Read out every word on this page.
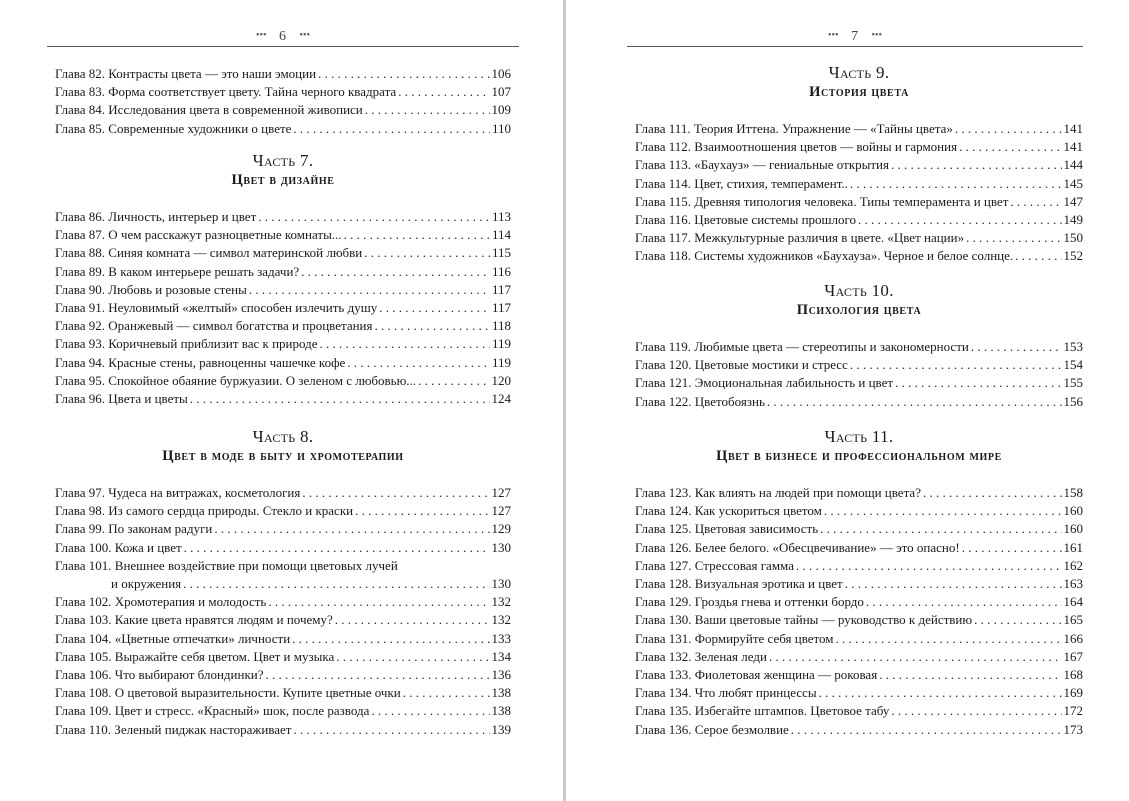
••• 6 •••
Глава 82. Контрасты цвета — это наши эмоции . . .	106
Глава 83. Форма соответствует цвету. Тайна черного квадрата . . .	107
Глава 84. Исследования цвета в современной живописи . . .	109
Глава 85. Современные художники о цвете . . .	110
Часть 7.
Цвет в дизайне
Глава 86. Личность, интерьер и цвет . . .	113
Глава 87. О чем расскажут разноцветные комнаты... . . .	114
Глава 88. Синяя комната — символ материнской любви . . .	115
Глава 89. В каком интерьере решать задачи? . . .	116
Глава 90. Любовь и розовые стены . . .	117
Глава 91. Неуловимый «желтый» способен излечить душу . . .	117
Глава 92. Оранжевый — символ богатства и процветания . . .	118
Глава 93. Коричневый приблизит вас к природе . . .	119
Глава 94. Красные стены, равноценны чашечке кофе . . .	119
Глава 95. Спокойное обаяние буржуазии. О зеленом с любовью... . . .	120
Глава 96. Цвета и цветы . . .	124
Часть 8.
Цвет в моде в быту и хромотерапии
Глава 97. Чудеса на витражах, косметология . . .	127
Глава 98. Из самого сердца природы. Стекло и краски . . .	127
Глава 99. По законам радуги . . .	129
Глава 100. Кожа и цвет . . .	130
Глава 101. Внешнее воздействие при помощи цветовых лучей
и окружения . . .	130
Глава 102. Хромотерапия и молодость . . .	132
Глава 103. Какие цвета нравятся людям и почему? . . .	132
Глава 104. «Цветные отпечатки» личности . . .	133
Глава 105. Выражайте себя цветом. Цвет и музыка . . .	134
Глава 106. Что выбирают блондинки? . . .	136
Глава 108. О цветовой выразительности. Купите цветные очки . . .	138
Глава 109. Цвет и стресс. «Красный» шок, после развода . . .	138
Глава 110. Зеленый пиджак настораживает . . .	139
••• 7 •••
Часть 9.
История цвета
Глава 111. Теория Иттена. Упражнение — «Тайны цвета» . . .	141
Глава 112. Взаимоотношения цветов — войны и гармония . . .	141
Глава 113. «Баухауз» — гениальные открытия . . .	144
Глава 114. Цвет, стихия, темперамент.. . . .	145
Глава 115. Древняя типология человека. Типы темперамента и цвет . . .	147
Глава 116. Цветовые системы прошлого . . .	149
Глава 117. Межкультурные различия в цвете. «Цвет нации» . . .	150
Глава 118. Системы художников «Баухауза». Черное и белое солнце. . . .	152
Часть 10.
Психология цвета
Глава 119. Любимые цвета — стереотипы и закономерности . . .	153
Глава 120. Цветовые мостики и стресс . . .	154
Глава 121. Эмоциональная лабильность и цвет . . .	155
Глава 122. Цветобоязнь . . .	156
Часть 11.
Цвет в бизнесе и профессиональном мире
Глава 123. Как влиять на людей при помощи цвета? . . .	158
Глава 124. Как ускориться цветом . . .	160
Глава 125. Цветовая зависимость . . .	160
Глава 126. Белее белого. «Обесцвечивание» — это опасно! . . .	161
Глава 127. Стрессовая гамма . . .	162
Глава 128. Визуальная эротика и цвет . . .	163
Глава 129. Гроздья гнева и оттенки бордо . . .	164
Глава 130. Ваши цветовые тайны — руководство к действию . . .	165
Глава 131. Формируйте себя цветом . . .	166
Глава 132. Зеленая леди . . .	167
Глава 133. Фиолетовая женщина — роковая . . .	168
Глава 134. Что любят принцессы . . .	169
Глава 135. Избегайте штампов. Цветовое табу . . .	172
Глава 136. Серое безмолвие . . .	173
